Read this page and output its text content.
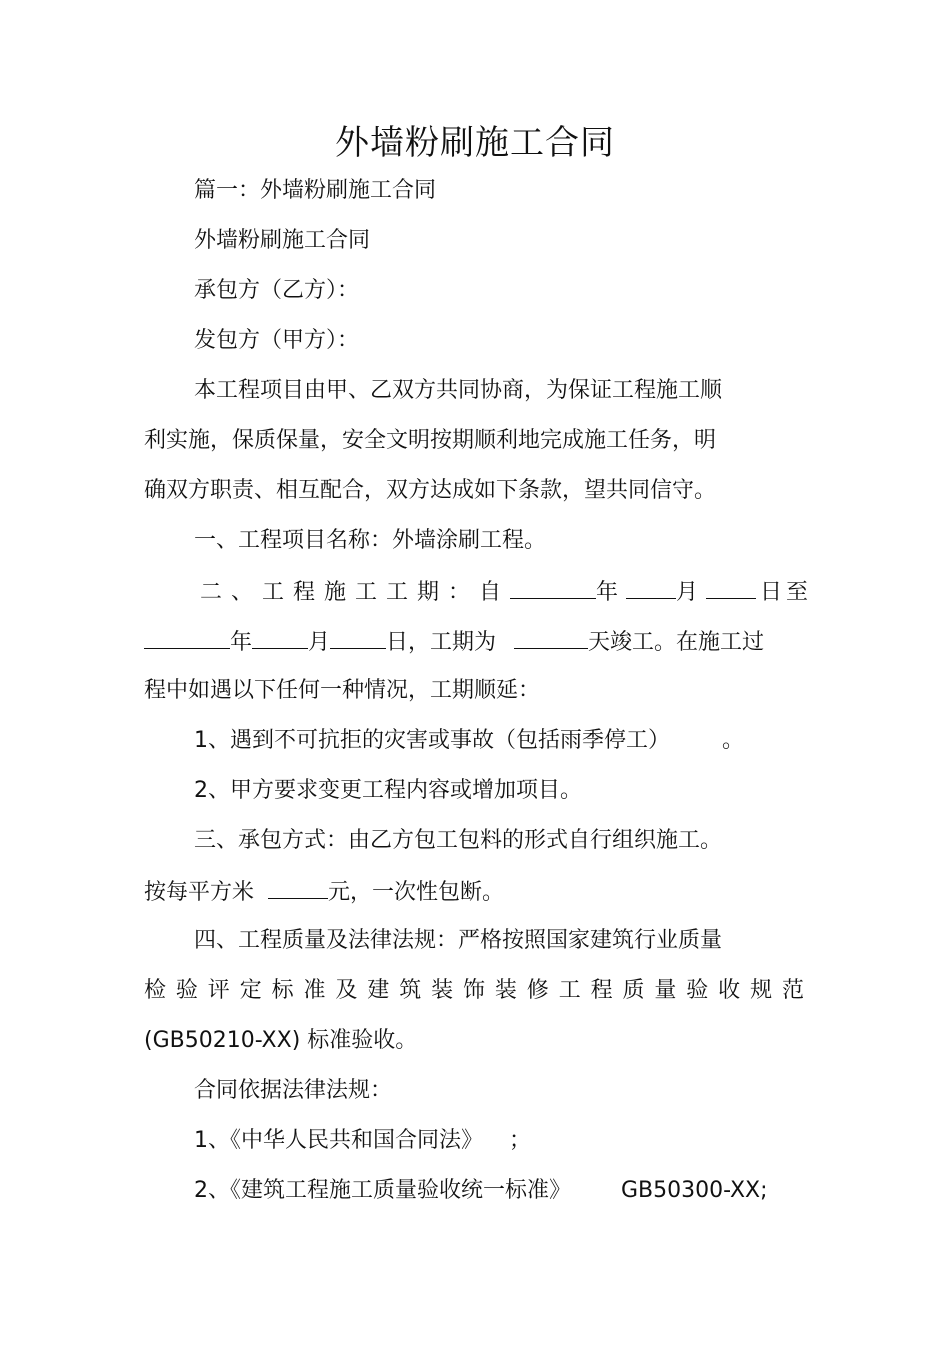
外墙粉刷施工合同
篇一：外墙粉刷施工合同
外墙粉刷施工合同
承包方（乙方）：
发包方（甲方）：
本工程项目由甲、乙双方共同协商，为保证工程施工顺
利实施，保质保量，安全文明按期顺利地完成施工任务，明
确双方职责、相互配合，双方达成如下条款，望共同信守。
一、工程项目名称：外墙涂刷工程。
二、工程施工工期：自	年	月	日至
年	月	日，工期为	天竣工。在施工过
程中如遇以下任何一种情况，工期顺延：
1、遇到不可抗拒的灾害或事故（包括雨季停工） 。
2、甲方要求变更工程内容或增加项目。
三、承包方式：由乙方包工包料的形式自行组织施工。
按每平方米	元，一次性包断。
四、工程质量及法律法规：严格按照国家建筑行业质量
检验评定标准及建筑装饰装修工程质量验收规范
(GB50210-XX) 标准验收。
合同依据法律法规：
1、《中华人民共和国合同法》 ；
2、《建筑工程施工质量验收统一标准》 GB50300-XX;
